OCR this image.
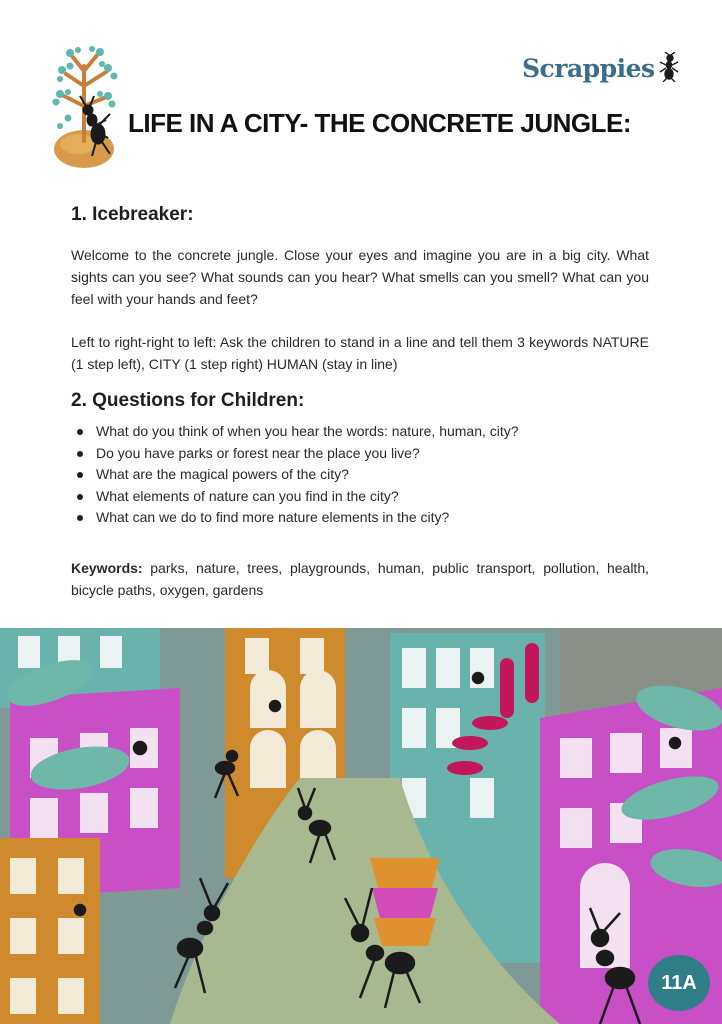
Scrappies
LIFE IN A CITY- THE CONCRETE JUNGLE:
1. Icebreaker:

Welcome to the concrete jungle. Close your eyes and imagine you are in a big city. What sights can you see? What sounds can you hear? What smells can you smell? What can you feel with your hands and feet?

Left to right-right to left: Ask the children to stand in a line and tell them 3 keywords NATURE (1 step left), CITY (1 step right) HUMAN (stay in line)

2. Questions for Children:
What do you think of when you hear the words: nature, human, city?
Do you have parks or forest near the place you live?
What are the magical powers of the city?
What elements of nature can you find in the city?
What can we do to find more nature elements in the city?

Keywords: parks, nature, trees, playgrounds, human, public transport, pollution, health, bicycle paths, oxygen, gardens

11A
